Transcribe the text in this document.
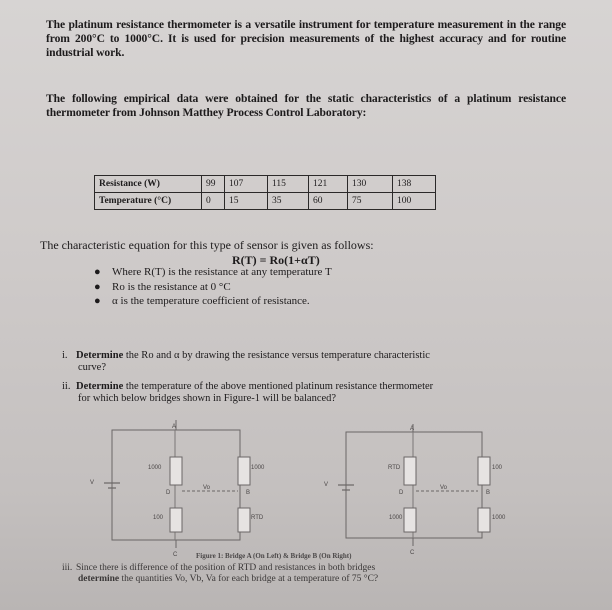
The platinum resistance thermometer is a versatile instrument for temperature measurement in the range from 200°C to 1000°C. It is used for precision measurements of the highest accuracy and for routine industrial work.
The following empirical data were obtained for the static characteristics of a platinum resistance thermometer from Johnson Matthey Process Control Laboratory:
Resistance (W)	99	107	115	121	130	138
Temperature (°C)	0	15	35	60	75	100
The characteristic equation for this type of sensor is given as follows:
R(T) = Ro(1+αT)
● Where R(T) is the resistance at any temperature T
● Ro is the resistance at 0 °C
● α is the temperature coefficient of resistance.
i. Determine the Ro and α by drawing the resistance versus temperature characteristic
curve?
ii. Determine the temperature of the above mentioned platinum resistance thermometer
for which below bridges shown in Figure-1 will be balanced?
A
C
D	B
V
1000	1000
100	RTD
Vo
A
C
D	B
V
RTD	100
1000	1000
Vo
Figure 1: Bridge A (On Left) & Bridge B (On Right)
iii. Since there is difference of the position of RTD and resistances in both bridges
determine the quantities Vo, Vb, Va for each bridge at a temperature of 75 °C?
